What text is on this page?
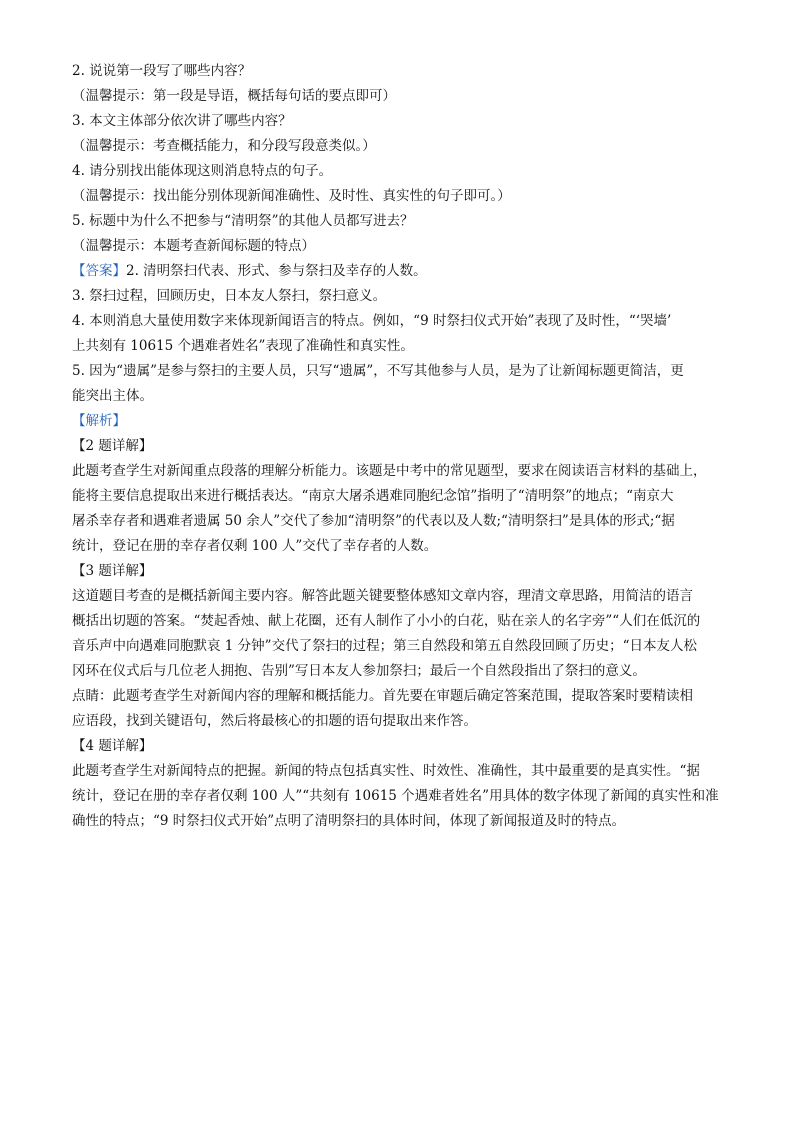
2. 说说第一段写了哪些内容？
（温馨提示：第一段是导语，概括每句话的要点即可）
3. 本文主体部分依次讲了哪些内容？
（温馨提示：考查概括能力，和分段写段意类似。）
4. 请分别找出能体现这则消息特点的句子。
（温馨提示：找出能分别体现新闻准确性、及时性、真实性的句子即可。）
5. 标题中为什么不把参与“清明祭”的其他人员都写进去？
（温馨提示：本题考查新闻标题的特点）
【答案】2. 清明祭扫代表、形式、参与祭扫及幸存的人数。
3. 祭扫过程，回顾历史，日本友人祭扫，祭扫意义。
4. 本则消息大量使用数字来体现新闻语言的特点。例如，“9 时祭扫仪式开始”表现了及时性，“‘哭墙’
上共刻有 10615 个遇难者姓名”表现了准确性和真实性。
5. 因为“遗属”是参与祭扫的主要人员，只写“遗属”，不写其他参与人员，是为了让新闻标题更简洁，更
能突出主体。
【解析】
【2 题详解】
此题考查学生对新闻重点段落的理解分析能力。该题是中考中的常见题型，要求在阅读语言材料的基础上，
能将主要信息提取出来进行概括表达。“南京大屠杀遇难同胞纪念馆”指明了“清明祭”的地点；“南京大
屠杀幸存者和遇难者遗属 50 余人”交代了参加“清明祭”的代表以及人数;“清明祭扫”是具体的形式;“据
统计，登记在册的幸存者仅剩 100 人”交代了幸存者的人数。
【3 题详解】
这道题目考查的是概括新闻主要内容。解答此题关键要整体感知文章内容，理清文章思路，用简洁的语言
概括出切题的答案。“焚起香烛、献上花圈，还有人制作了小小的白花，贴在亲人的名字旁”“人们在低沉的
音乐声中向遇难同胞默哀 1 分钟”交代了祭扫的过程；第三自然段和第五自然段回顾了历史；“日本友人松
冈环在仪式后与几位老人拥抱、告别”写日本友人参加祭扫；最后一个自然段指出了祭扫的意义。
点睛：此题考查学生对新闻内容的理解和概括能力。首先要在审题后确定答案范围，提取答案时要精读相
应语段，找到关键语句，然后将最核心的扣题的语句提取出来作答。
【4 题详解】
此题考查学生对新闻特点的把握。新闻的特点包括真实性、时效性、准确性，其中最重要的是真实性。“据
统计，登记在册的幸存者仅剩 100 人”“共刻有 10615 个遇难者姓名”用具体的数字体现了新闻的真实性和准
确性的特点；“9 时祭扫仪式开始”点明了清明祭扫的具体时间，体现了新闻报道及时的特点。
